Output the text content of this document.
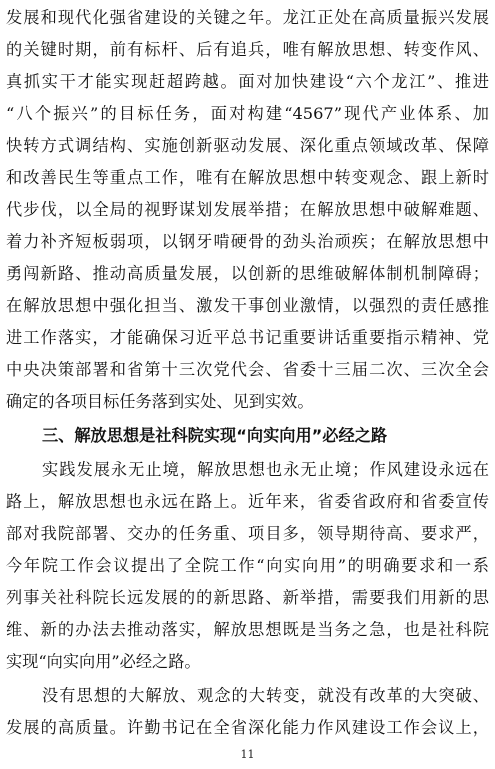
发展和现代化强省建设的关键之年。龙江正处在高质量振兴发展
的关键时期，前有标杆、后有追兵，唯有解放思想、转变作风、
真抓实干才能实现赶超跨越。面对加快建设“六个龙江”、推进
“八个振兴”的目标任务，面对构建“4567”现代产业体系、加
快转方式调结构、实施创新驱动发展、深化重点领域改革、保障
和改善民生等重点工作，唯有在解放思想中转变观念、跟上新时
代步伐，以全局的视野谋划发展举措；在解放思想中破解难题、
着力补齐短板弱项，以钢牙啃硬骨的劲头治顽疾；在解放思想中
勇闯新路、推动高质量发展，以创新的思维破解体制机制障碍；
在解放思想中强化担当、激发干事创业激情，以强烈的责任感推
进工作落实，才能确保习近平总书记重要讲话重要指示精神、党
中央决策部署和省第十三次党代会、省委十三届二次、三次全会
确定的各项目标任务落到实处、见到实效。
三、解放思想是社科院实现“向实向用”必经之路
实践发展永无止境，解放思想也永无止境；作风建设永远在
路上，解放思想也永远在路上。近年来，省委省政府和省委宣传
部对我院部署、交办的任务重、项目多，领导期待高、要求严，
今年院工作会议提出了全院工作“向实向用”的明确要求和一系
列事关社科院长远发展的的新思路、新举措，需要我们用新的思
维、新的办法去推动落实，解放思想既是当务之急，也是社科院
实现“向实向用”必经之路。
没有思想的大解放、观念的大转变，就没有改革的大突破、
发展的高质量。许勤书记在全省深化能力作风建设工作会议上，
11
